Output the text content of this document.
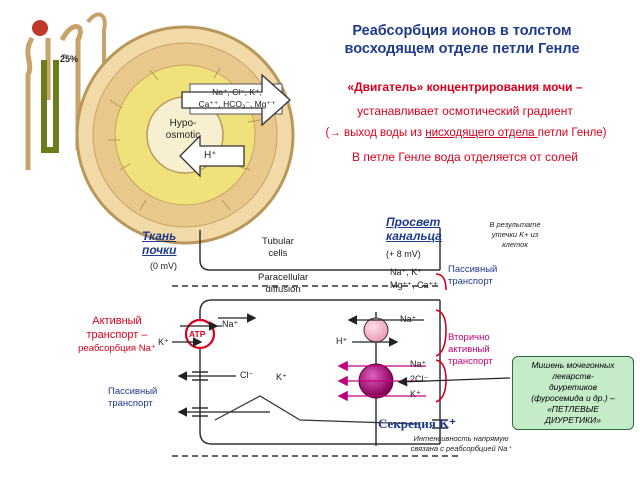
Реабсорбция ионов в толстом
восходящем отделе петли Генле
«Двигатель» концентрирования мочи –
устанавливает осмотический градиент
(→ выход воды из нисходящего отдела петли Генле)
В петле Генле вода отделяется от солей
25%
Na⁺, Cl⁻, K⁺,
Ca⁺⁺, HCO₃⁻, Mg⁺⁺
Hypo-
osmotic
H⁺
Ткань
почки
(0 mV)
Tubular
cells
Просвет
канальца
(+ 8 mV)
В результате
утечки K+ из
клеток
Paracellular
diffusion
Na⁺, K⁺
Mg⁺⁺, Ca⁺⁺
Пассивный
транспорт
Активный
транспорт –
реабсорбция Na⁺
ATP
Na⁺
K⁺
Na⁺
H⁺	Вторично
активный
транспорт
Na⁺
2Cl⁻
K⁺
Cl⁻	K⁺
Пассивный
транспорт
Мишень мочегонных
лекарств-
диуретиков
(фуросемида и др.) –
«ПЕТЛЕВЫЕ
ДИУРЕТИКИ»
Секреция K⁺
Интенсивность напрямую
связана с реабсорбцией Na⁺
